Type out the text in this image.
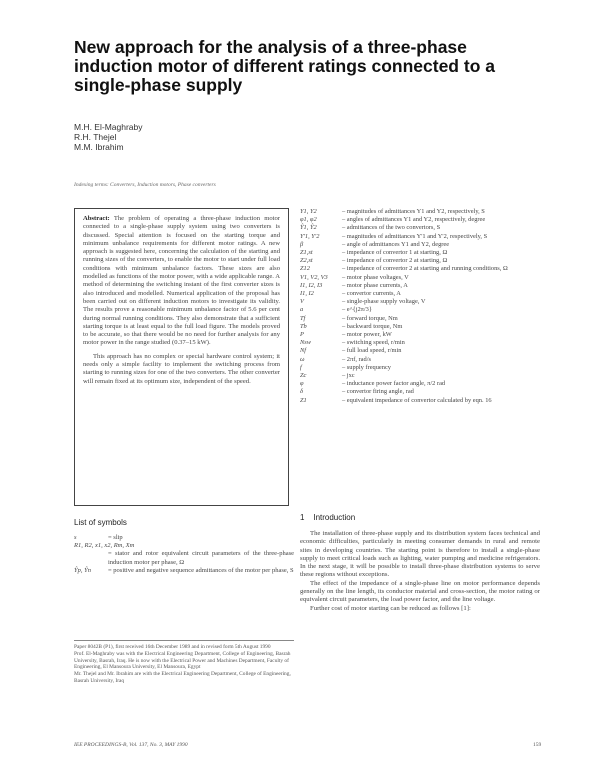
New approach for the analysis of a three-phase induction motor of different ratings connected to a single-phase supply
M.H. El-Maghraby
R.H. Thejel
M.M. Ibrahim
Indexing terms: Converters, Induction motors, Phase converters

Abstract: The problem of operating a three-phase induction motor connected to a single-phase supply system using two converters is discussed. Special attention is focused on the starting torque and minimum unbalance requirements for different motor ratings. A new approach is suggested here, concerning the calculation of the starting and running sizes of the converters, to enable the motor to start under full load conditions with minimum unbalance factors. These sizes are also modelled as functions of the motor power, with a wide applicable range. A method of determining the switching instant of the first converter sizes is also introduced and modelled. Numerical application of the proposal has been carried out on different induction motors to investigate its validity. The results prove a reasonable minimum unbalance factor of 5.6 per cent during normal running conditions. They also demonstrate that a sufficient starting torque is at least equal to the full load figure. The models proved to be accurate, so that there would be no need for further analysis for any motor power in the range studied (0.37–15 kW).

This approach has no complex or special hardware control system; it needs only a simple facility to implement the switching process from starting to running sizes for one of the two converters. The other converter will remain fixed at its optimum size, independent of the speed.

Y1, Y2	– magnitudes of admittances Y1 and Y2, respectively, S
φ1, φ2	– angles of admittances Y1 and Y2, respectively, degree
Ŷ1, Ŷ2	– admittances of the two convertors, S
Y'1, Y'2	– magnitudes of admittances Y'1 and Y'2, respectively, S
β	– angle of admittances Y1 and Y2, degree
Z1,st	– impedance of convertor 1 at starting, Ω
Z2,st	– impedance of convertor 2 at starting, Ω
Z12	– impedance of convertor 2 at starting and running conditions, Ω
V1, V2, V3	– motor phase voltages, V
I1, I2, I3	– motor phase currents, A
I1, I2	– convertor currents, A
V	– single-phase supply voltage, V
a	– e^{j2π/3}
Tf	– forward torque, Nm
Tb	– backward torque, Nm
P	– motor power, kW
Nsw	– switching speed, r/min
Nf	– full load speed, r/min
ω	– 2πf, rad/s
f	– supply frequency
Zc	– jxc
φ	– inductance power factor angle, π/2 rad
δ	– convertor firing angle, rad
Z1	– equivalent impedance of convertor calculated by eqn. 16
List of symbols
s	= slip
R1, R2, x1, x2, Rm, Xm
= stator and rotor equivalent circuit parameters of the three-phase induction motor per phase, Ω
Ŷp, Ŷn	= positive and negative sequence admittances of the motor per phase, S

Paper 8042B (P1), first received 16th December 1989 and in revised form 5th August 1990

Prof. El-Maghraby was with the Electrical Engineering Department, College of Engineering, Basrah University, Basrah, Iraq. He is now with the Electrical Power and Machines Department, Faculty of Engineering, El Mansoura University, El Mansoura, Egypt

Mr. Thejel and Mr. Ibrahim are with the Electrical Engineering Department, College of Engineering, Basrah University, Iraq

1 Introduction

The installation of three-phase supply and its distribution system faces technical and economic difficulties, particularly in meeting consumer demands in rural and remote sites in developing countries. The starting point is therefore to install a single-phase supply to meet critical loads such as lighting, water pumping and medicine refrigerators. In the next stage, it will be possible to install three-phase distribution systems to serve these regions without exceptions.

The effect of the impedance of a single-phase line on motor performance depends generally on the line length, its conductor material and cross-section, the motor rating or equivalent circuit parameters, the load power factor, and the line voltage.

Further cost of motor starting can be reduced as follows [1]:

IEE PROCEEDINGS-B, Vol. 137, No. 3, MAY 1990	159
